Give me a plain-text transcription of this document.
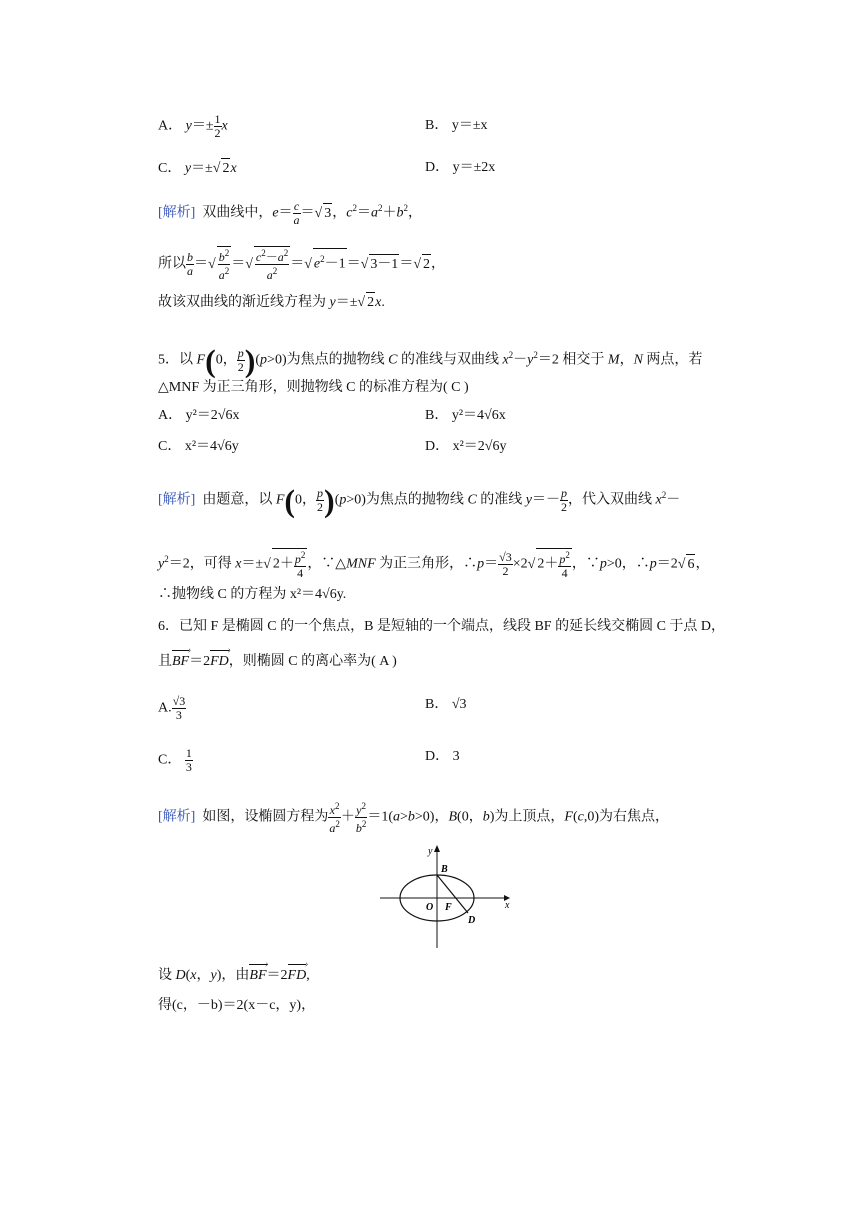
A． $y=\pm \frac{1}{2}$ x	B． y＝±x
C． y＝±√ 2x	D． y＝±2x
[解析]  双曲线中，$e= \frac{c}{a}$ ＝√ 3，$c^2=a^2+b^2$，
所以 $\frac{b}{a}$ ＝√ $\frac{b^2}{a^2}$ ＝√ $\frac{c^2-a^2}{a^2}$ ＝√ $e^2-1=√$ 3－1＝√ 2，
故该双曲线的渐近线方程为 y＝±√ 2x.
5．以 F(0， $\frac{p}{2} )(p>0)$为焦点的抛物线 C 的准线与双曲线 $x^2-y^2=2$ 相交于 M，N 两点，若
△MNF 为正三角形，则抛物线 C 的标准方程为( C )
A． y²＝2√6x	B． y²＝4√6x
C． x²＝4√6y	D． x²＝2√6y
[解析]  由题意，以 F(0， $\frac{p}{2} )(p>0)$为焦点的抛物线 C 的准线 $y=- \frac{p}{2}$ ，代入双曲线 $x^2-$
$y^2=2$，可得 x＝±√ $2+ \frac{p^2}{4}$ ，∵△MNF 为正三角形，∴p＝ $\frac{√3}{2} \times 2√$ $2+ \frac{p^2}{4}$ ，∵p>0，∴p＝2√ 6，
∴抛物线 C 的方程为 x²＝4√6y.
6．已知 F 是椭圆 C 的一个焦点，B 是短轴的一个端点，线段 BF 的延长线交椭圆 C 于点 D，
且› BF＝2› FD，则椭圆 C 的离心率为( A )
A. $\frac{√3}{3}$	B． √3
C． $\frac{1}{3}$	D． 3
[解析]  如图，设椭圆方程为 $\frac{x^2}{a^2} + \frac{y^2}{b^2} =1(a>b>0)$，B(0，b)为上顶点，F(c,0)为右焦点，
y
x
B
O F
D
设 D(x，y)，由› BF＝2› FD,
得(c，－b)＝2(x－c，y)，
